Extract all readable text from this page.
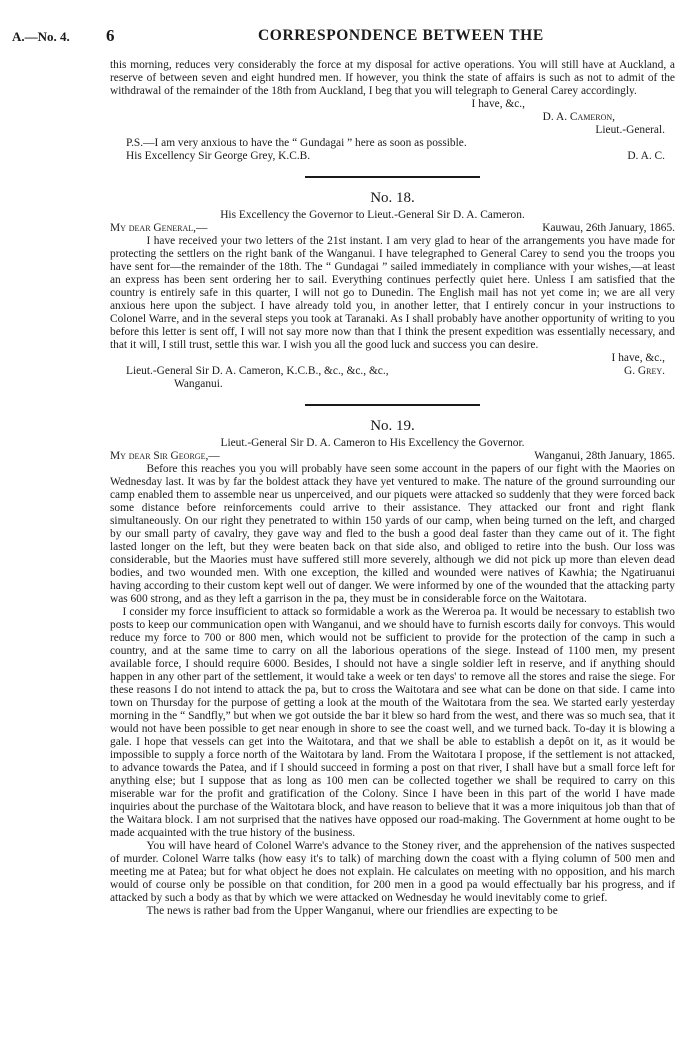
A.—No. 4. 6	CORRESPONDENCE BETWEEN THE

this morning, reduces very considerably the force at my disposal for active operations. You will still have at Auckland, a reserve of between seven and eight hundred men. If however, you think the state of affairs is such as not to admit of the withdrawal of the remainder of the 18th from Auckland, I beg that you will telegraph to General Carey accordingly.

I have, &c.,

D. A. Cameron,

Lieut.-General.

P.S.—I am very anxious to have the “ Gundagai ” here as soon as possible.

His Excellency Sir George Grey, K.C.B.	D. A. C.
No. 18.

His Excellency the Governor to Lieut.-General Sir D. A. Cameron.

My dear General,—	Kauwau, 26th January, 1865.

I have received your two letters of the 21st instant. I am very glad to hear of the arrangements you have made for protecting the settlers on the right bank of the Wanganui. I have telegraphed to General Carey to send you the troops you have sent for—the remainder of the 18th. The “ Gundagai ” sailed immediately in compliance with your wishes,—at least an express has been sent ordering her to sail. Everything continues perfectly quiet here. Unless I am satisfied that the country is entirely safe in this quarter, I will not go to Dunedin. The English mail has not yet come in; we are all very anxious here upon the subject. I have already told you, in another letter, that I entirely concur in your instructions to Colonel Warre, and in the several steps you took at Taranaki. As I shall probably have another opportunity of writing to you before this letter is sent off, I will not say more now than that I think the present expedition was essentially necessary, and that it will, I still trust, settle this war. I wish you all the good luck and success you can desire.

I have, &c.,

Lieut.-General Sir D. A. Cameron, K.C.B., &c., &c., &c.,	G. Grey.

Wanganui.

No. 19.

Lieut.-General Sir D. A. Cameron to His Excellency the Governor.

My dear Sir George,—	Wanganui, 28th January, 1865.

Before this reaches you you will probably have seen some account in the papers of our fight with the Maories on Wednesday last. It was by far the boldest attack they have yet ventured to make. The nature of the ground surrounding our camp enabled them to assemble near us unperceived, and our piquets were attacked so suddenly that they were forced back some distance before reinforcements could arrive to their assistance. They attacked our front and right flank simultaneously. On our right they penetrated to within 150 yards of our camp, when being turned on the left, and charged by our small party of cavalry, they gave way and fled to the bush a good deal faster than they came out of it. The fight lasted longer on the left, but they were beaten back on that side also, and obliged to retire into the bush. Our loss was considerable, but the Maories must have suffered still more severely, although we did not pick up more than eleven dead bodies, and two wounded men. With one exception, the killed and wounded were natives of Kawhia; the Ngatiruanui having according to their custom kept well out of danger. We were informed by one of the wounded that the attacking party was 600 strong, and as they left a garrison in the pa, they must be in considerable force on the Waitotara.

I consider my force insufficient to attack so formidable a work as the Wereroa pa. It would be necessary to establish two posts to keep our communication open with Wanganui, and we should have to furnish escorts daily for convoys. This would reduce my force to 700 or 800 men, which would not be sufficient to provide for the protection of the camp in such a country, and at the same time to carry on all the laborious operations of the siege. Instead of 1100 men, my present available force, I should require 6000. Besides, I should not have a single soldier left in reserve, and if anything should happen in any other part of the settlement, it would take a week or ten days' to remove all the stores and raise the siege. For these reasons I do not intend to attack the pa, but to cross the Waitotara and see what can be done on that side. I came into town on Thursday for the purpose of getting a look at the mouth of the Waitotara from the sea. We started early yesterday morning in the “ Sandfly,” but when we got outside the bar it blew so hard from the west, and there was so much sea, that it would not have been possible to get near enough in shore to see the coast well, and we turned back. To-day it is blowing a gale. I hope that vessels can get into the Waitotara, and that we shall be able to establish a depôt on it, as it would be impossible to supply a force north of the Waitotara by land. From the Waitotara I propose, if the settlement is not attacked, to advance towards the Patea, and if I should succeed in forming a post on that river, I shall have but a small force left for anything else; but I suppose that as long as 100 men can be collected together we shall be required to carry on this miserable war for the profit and gratification of the Colony. Since I have been in this part of the world I have made inquiries about the purchase of the Waitotara block, and have reason to believe that it was a more iniquitous job than that of the Waitara block. I am not surprised that the natives have opposed our road-making. The Government at home ought to be made acquainted with the true history of the business.

You will have heard of Colonel Warre's advance to the Stoney river, and the apprehension of the natives suspected of murder. Colonel Warre talks (how easy it's to talk) of marching down the coast with a flying column of 500 men and meeting me at Patea; but for what object he does not explain. He calculates on meeting with no opposition, and his march would of course only be possible on that condition, for 200 men in a good pa would effectually bar his progress, and if attacked by such a body as that by which we were attacked on Wednesday he would inevitably come to grief.

The news is rather bad from the Upper Wanganui, where our friendlies are expecting to be
